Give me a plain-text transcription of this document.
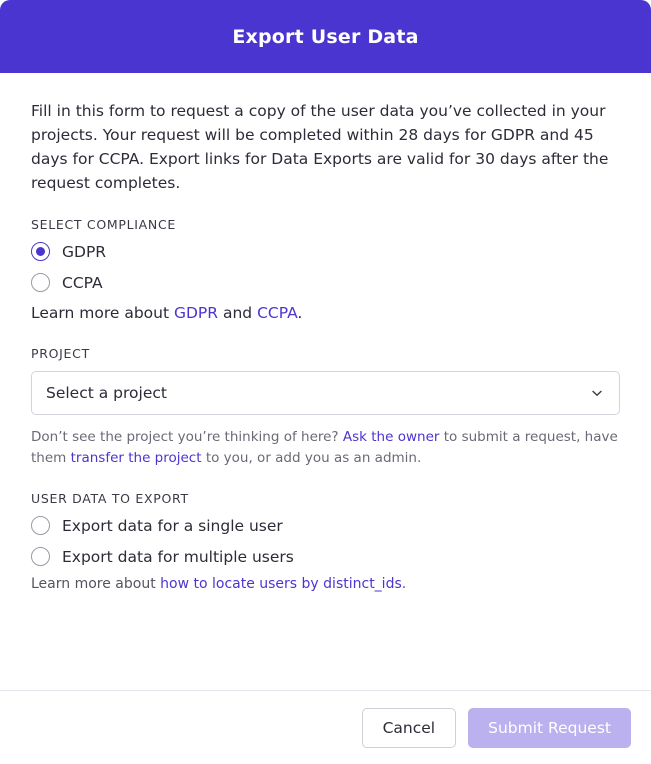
Export User Data

Fill in this form to request a copy of the user data you’ve collected in your projects. Your request will be completed within 28 days for GDPR and 45 days for CCPA. Export links for Data Exports are valid for 30 days after the request completes.

SELECT COMPLIANCE
GDPR
CCPA
Learn more about GDPR and CCPA.
PROJECT
Select a project

Don’t see the project you’re thinking of here? Ask the owner to submit a request, have them transfer the project to you, or add you as an admin.

USER DATA TO EXPORT
Export data for a single user
Export data for multiple users
Learn more about how to locate users by distinct_ids.
Cancel	Submit Request
